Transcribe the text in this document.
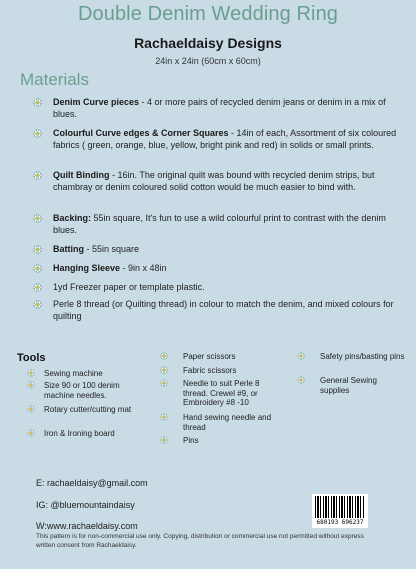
Double Denim Wedding Ring
Rachaeldaisy Designs
24in x 24in (60cm x 60cm)
Materials
Denim Curve pieces - 4 or more pairs of recycled denim jeans or denim in a mix of blues.
Colourful Curve edges & Corner Squares - 14in of each, Assortment of six coloured fabrics ( green, orange, blue, yellow, bright pink and red) in solids or small prints.
Quilt Binding - 16in. The original quilt was bound with recycled denim strips, but chambray or denim coloured solid cotton would be much easier to bind with.
Backing: 55in square, It's fun to use a wild colourful print to contrast with the denim blues.
Batting - 55in square
Hanging Sleeve - 9in x 48in
1yd Freezer paper or template plastic.
Perle 8 thread (or Quilting thread) in colour to match the denim, and mixed colours for quilting
Tools
Sewing machine
Size 90 or 100 denim machine needles.
Rotary cutter/cutting mat
Iron & Ironing board
Paper scissors
Fabric scissors
Needle to suit Perle 8 thread. Crewel #9, or Embroidery #8 -10
Hand sewing needle and thread
Pins
Safety pins/basting pins
General Sewing supplies
E: rachaeldaisy@gmail.com
IG: @bluemountaindaisy
W:www.rachaeldaisy.com	680193 696237
This pattern is for non-commercial use only. Copying, distribution or commercial use not permitted without express written consent from Rachaeldaisy.
